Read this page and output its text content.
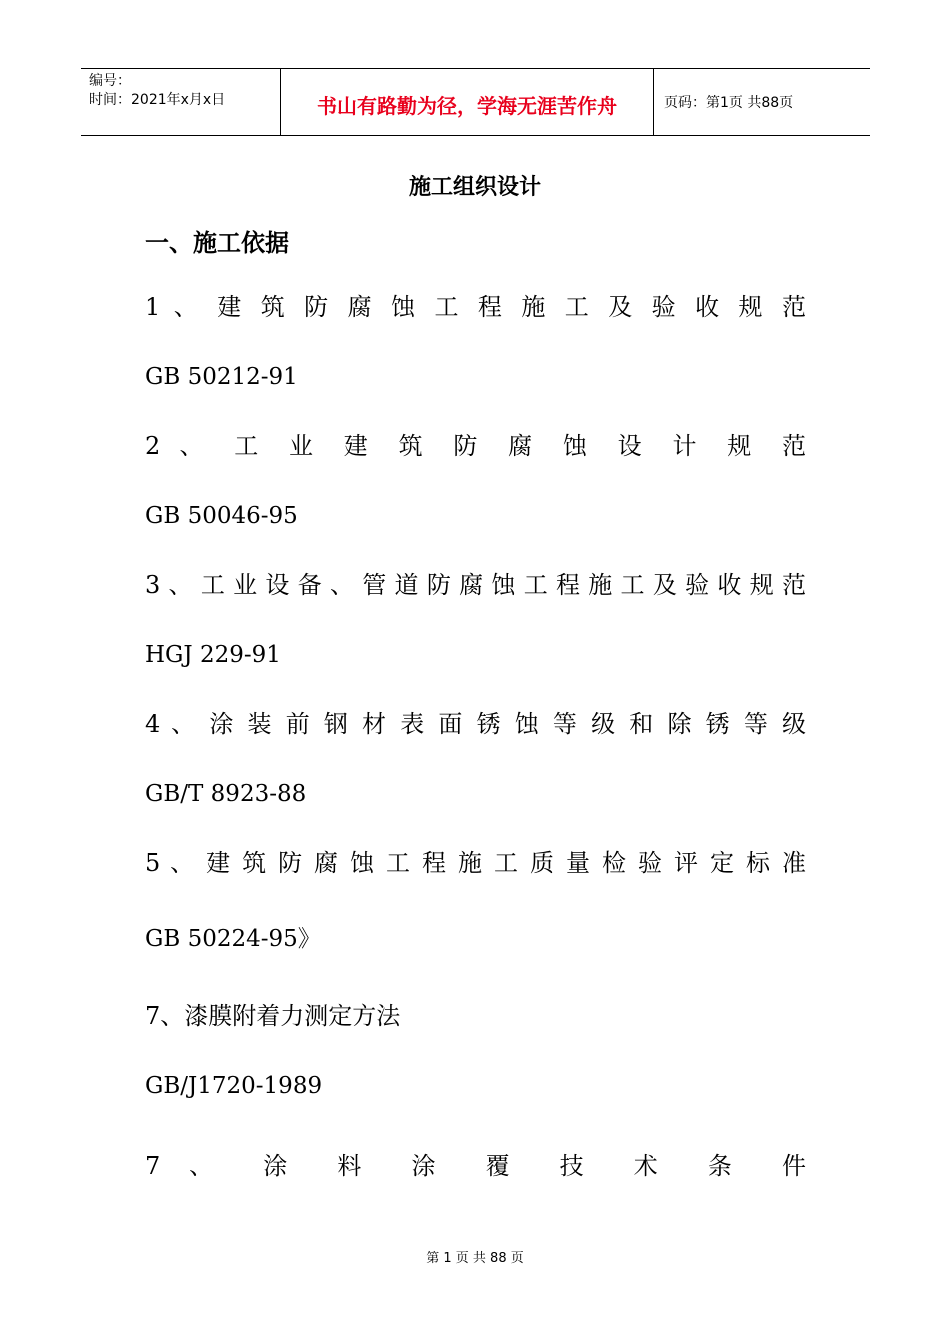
编号：
时间：2021年x月x日	书山有路勤为径，学海无涯苦作舟	页码：第1页 共88页
施工组织设计
一、施工依据
1 、 建 筑 防 腐 蚀 工 程 施 工 及 验 收 规 范
GB 50212-91
2 、 工 业 建 筑 防 腐 蚀 设 计 规 范
GB 50046-95
3、工业设备、管道防腐蚀工程施工及验收规范
HGJ 229-91
4 、 涂 装 前 钢 材 表 面 锈 蚀 等 级 和 除 锈 等 级
GB/T 8923-88
5 、 建 筑 防 腐 蚀 工 程 施 工 质 量 检 验 评 定 标 准
GB 50224-95》
7、漆膜附着力测定方法
GB/J1720-1989
7 、 涂 料 涂 覆 技 术 条 件
第 1 页 共 88 页
